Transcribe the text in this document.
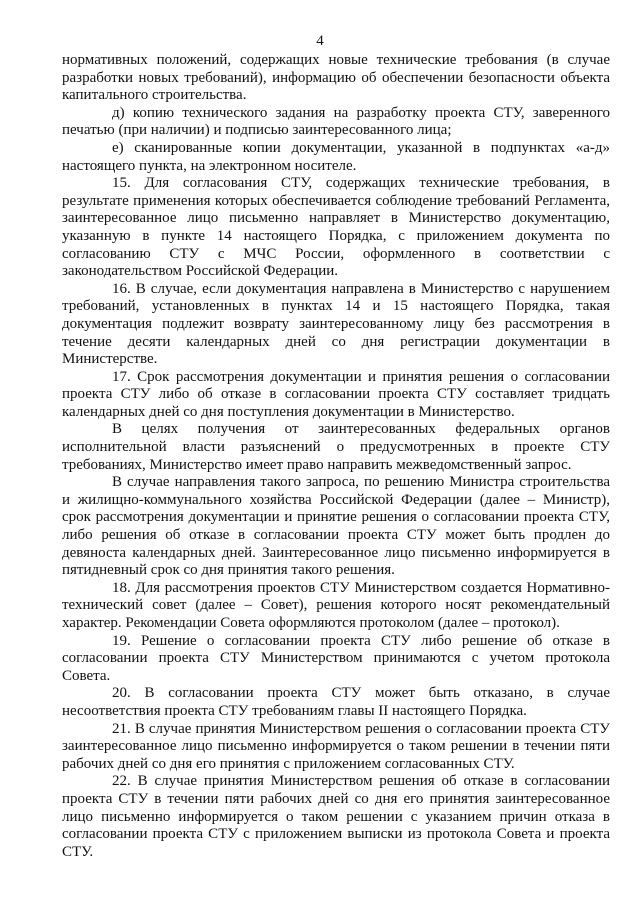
4

нормативных положений, содержащих новые технические требования (в случае разработки новых требований), информацию об обеспечении безопасности объекта капитального строительства.

д) копию технического задания на разработку проекта СТУ, заверенного печатью (при наличии) и подписью заинтересованного лица;

е) сканированные копии документации, указанной в подпунктах «а-д» настоящего пункта, на электронном носителе.

15. Для согласования СТУ, содержащих технические требования, в результате применения которых обеспечивается соблюдение требований Регламента, заинтересованное лицо письменно направляет в Министерство документацию, указанную в пункте 14 настоящего Порядка, с приложением документа по согласованию СТУ с МЧС России, оформленного в соответствии с законодательством Российской Федерации.

16. В случае, если документация направлена в Министерство с нарушением требований, установленных в пунктах 14 и 15 настоящего Порядка, такая документация подлежит возврату заинтересованному лицу без рассмотрения в течение десяти календарных дней со дня регистрации документации в Министерстве.

17. Срок рассмотрения документации и принятия решения о согласовании проекта СТУ либо об отказе в согласовании проекта СТУ составляет тридцать календарных дней со дня поступления документации в Министерство.

В целях получения от заинтересованных федеральных органов исполнительной власти разъяснений о предусмотренных в проекте СТУ требованиях, Министерство имеет право направить межведомственный запрос.

В случае направления такого запроса, по решению Министра строительства и жилищно-коммунального хозяйства Российской Федерации (далее – Министр), срок рассмотрения документации и принятие решения о согласовании проекта СТУ, либо решения об отказе в согласовании проекта СТУ может быть продлен до девяноста календарных дней. Заинтересованное лицо письменно информируется в пятидневный срок со дня принятия такого решения.

18. Для рассмотрения проектов СТУ Министерством создается Нормативно-технический совет (далее – Совет), решения которого носят рекомендательный характер. Рекомендации Совета оформляются протоколом (далее – протокол).

19. Решение о согласовании проекта СТУ либо решение об отказе в согласовании проекта СТУ Министерством принимаются с учетом протокола Совета.

20. В согласовании проекта СТУ может быть отказано, в случае несоответствия проекта СТУ требованиям главы II настоящего Порядка.

21. В случае принятия Министерством решения о согласовании проекта СТУ заинтересованное лицо письменно информируется о таком решении в течении пяти рабочих дней со дня его принятия с приложением согласованных СТУ.

22. В случае принятия Министерством решения об отказе в согласовании проекта СТУ в течении пяти рабочих дней со дня его принятия заинтересованное лицо письменно информируется о таком решении с указанием причин отказа в согласовании проекта СТУ с приложением выписки из протокола Совета и проекта СТУ.
